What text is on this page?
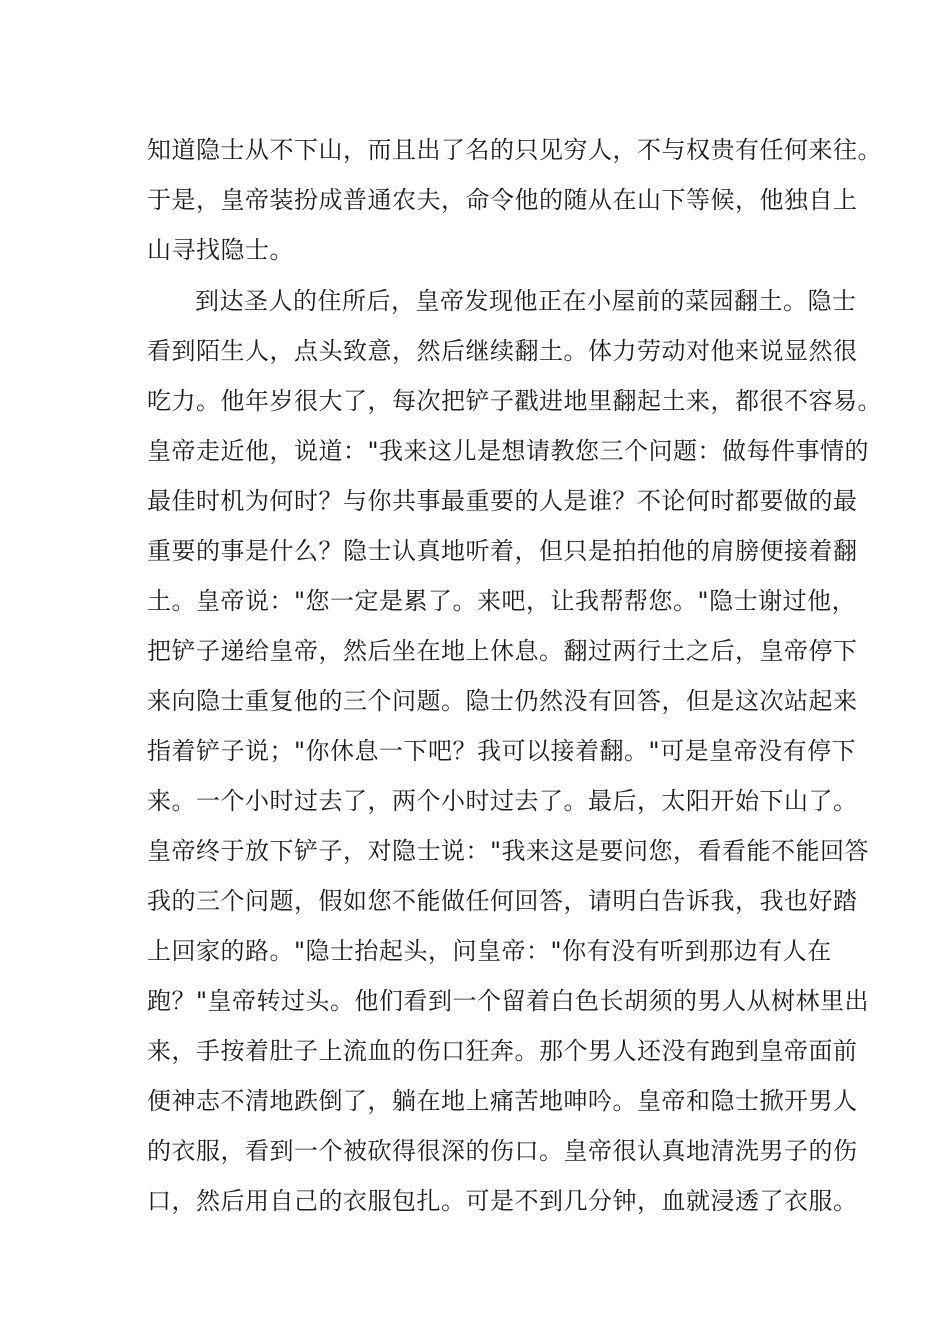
知道隐士从不下山，而且出了名的只见穷人，不与权贵有任何来往。
于是，皇帝装扮成普通农夫，命令他的随从在山下等候，他独自上
山寻找隐士。
到达圣人的住所后，皇帝发现他正在小屋前的菜园翻土。隐士
看到陌生人，点头致意，然后继续翻土。体力劳动对他来说显然很
吃力。他年岁很大了，每次把铲子戳进地里翻起土来，都很不容易。
皇帝走近他，说道："我来这儿是想请教您三个问题：做每件事情的
最佳时机为何时？与你共事最重要的人是谁？不论何时都要做的最
重要的事是什么？隐士认真地听着，但只是拍拍他的肩膀便接着翻
土。皇帝说："您一定是累了。来吧，让我帮帮您。"隐士谢过他，
把铲子递给皇帝，然后坐在地上休息。翻过两行土之后，皇帝停下
来向隐士重复他的三个问题。隐士仍然没有回答，但是这次站起来
指着铲子说；"你休息一下吧？我可以接着翻。"可是皇帝没有停下
来。一个小时过去了，两个小时过去了。最后，太阳开始下山了。
皇帝终于放下铲子，对隐士说："我来这是要问您，看看能不能回答
我的三个问题，假如您不能做任何回答，请明白告诉我，我也好踏
上回家的路。"隐士抬起头，问皇帝："你有没有听到那边有人在
跑？"皇帝转过头。他们看到一个留着白色长胡须的男人从树林里出
来，手按着肚子上流血的伤口狂奔。那个男人还没有跑到皇帝面前
便神志不清地跌倒了，躺在地上痛苦地呻吟。皇帝和隐士掀开男人
的衣服，看到一个被砍得很深的伤口。皇帝很认真地清洗男子的伤
口，然后用自己的衣服包扎。可是不到几分钟，血就浸透了衣服。
